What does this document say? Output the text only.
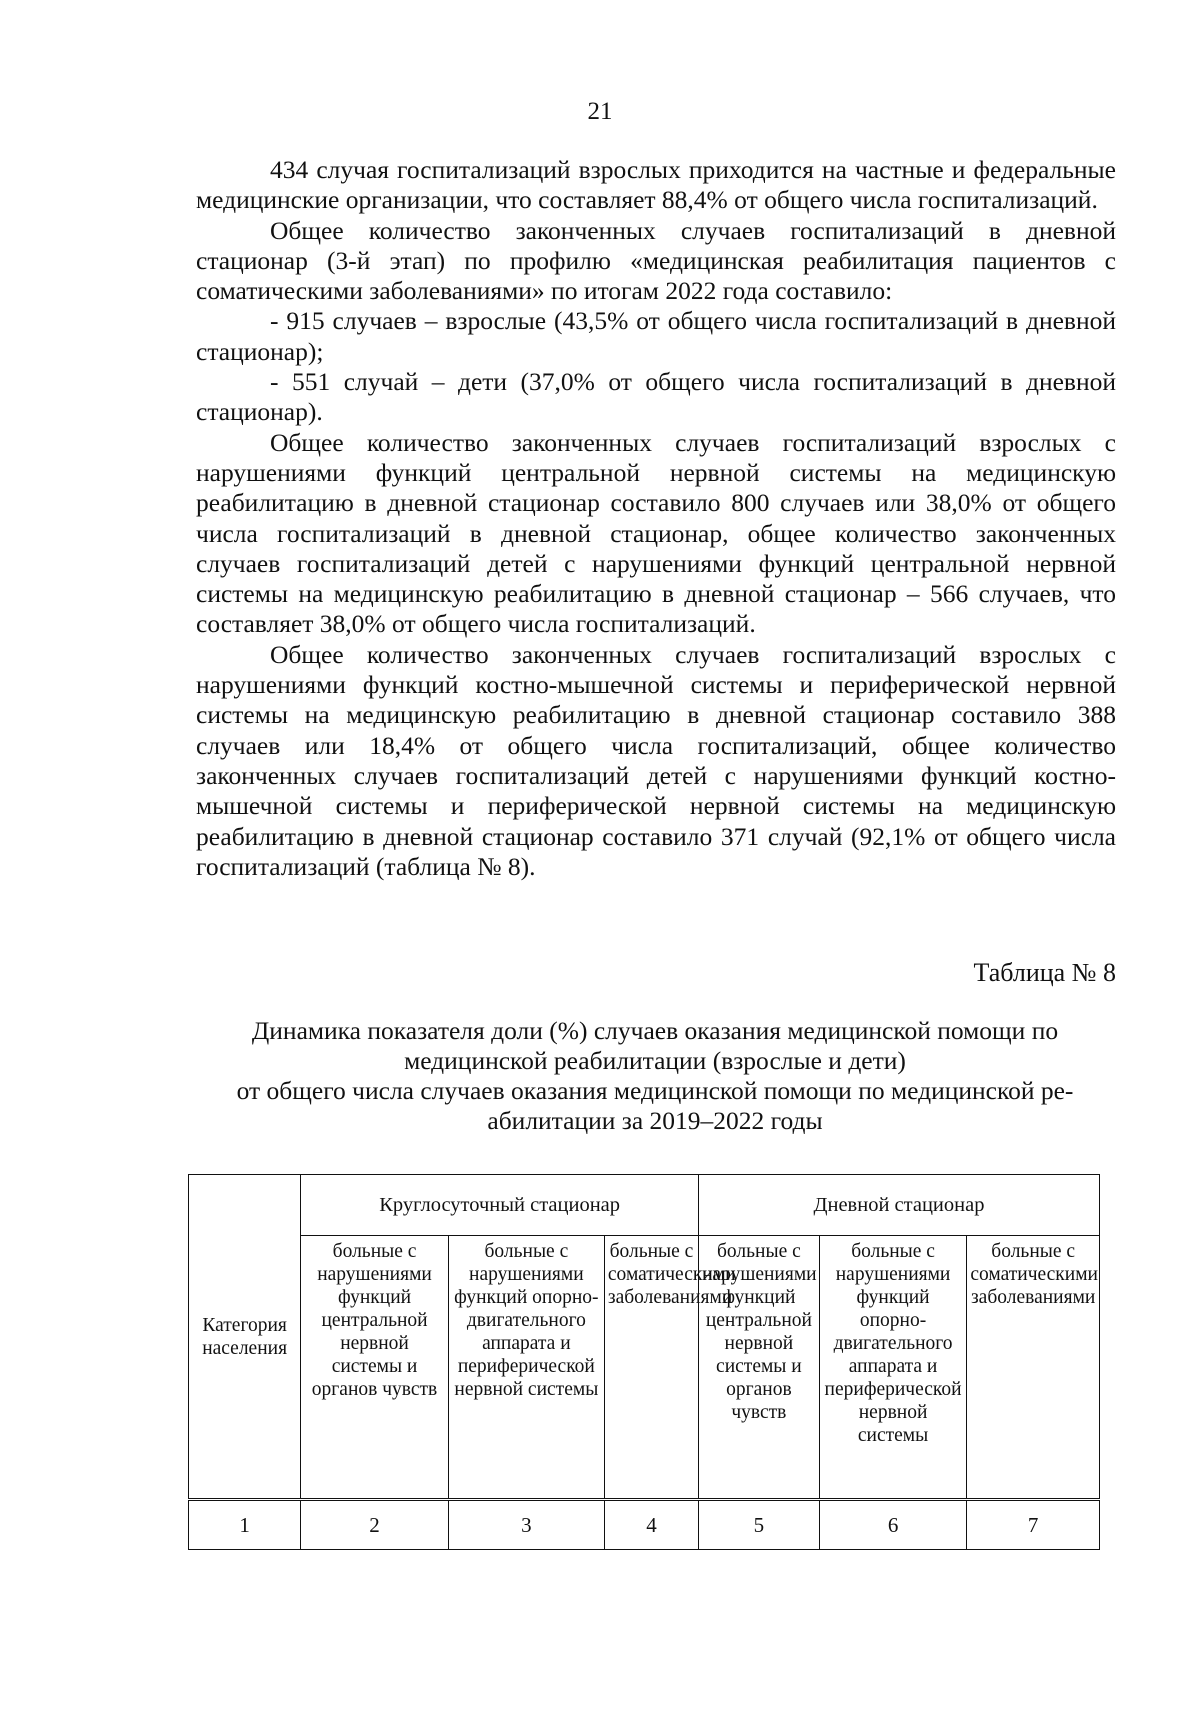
21

434 случая госпитализаций взрослых приходится на частные и федеральные медицинские организации, что составляет 88,4% от общего числа госпитализаций.

Общее количество законченных случаев госпитализаций в дневной стационар (3-й этап) по профилю «медицинская реабилитация пациентов с соматическими заболеваниями» по итогам 2022 года составило:

- 915 случаев – взрослые (43,5% от общего числа госпитализаций в дневной стационар);

- 551 случай – дети (37,0% от общего числа госпитализаций в дневной стационар).

Общее количество законченных случаев госпитализаций взрослых с нарушениями функций центральной нервной системы на медицинскую реабилитацию в дневной стационар составило 800 случаев или 38,0% от общего числа госпитализаций в дневной стационар, общее количество законченных случаев госпитализаций детей с нарушениями функций центральной нервной системы на медицинскую реабилитацию в дневной стационар – 566 случаев, что составляет 38,0% от общего числа госпитализаций.

Общее количество законченных случаев госпитализаций взрослых с нарушениями функций костно-мышечной системы и периферической нервной системы на медицинскую реабилитацию в дневной стационар составило 388 случаев или 18,4% от общего числа госпитализаций, общее количество законченных случаев госпитализаций детей с нарушениями функций костно-мышечной системы и периферической нервной системы на медицинскую реабилитацию в дневной стационар составило 371 случай (92,1% от общего числа госпитализаций (таблица № 8).

Таблица № 8
Динамика показателя доли (%) случаев оказания медицинской помощи по
медицинской реабилитации (взрослые и дети)
от общего числа случаев оказания медицинской помощи по медицинской ре-
абилитации за 2019–2022 годы
Категория населения	Круглосуточный стационар			Дневной стационар		
	больные с нарушениями функций центральной нервной системы и органов чувств	больные с нарушениями функций опорно-двигательного аппарата и периферической нервной системы	больные с соматическими заболеваниями	больные с нарушениями функций центральной нервной системы и органов чувств	больные с нарушениями функций опорно-двигательного аппарата и периферической нервной системы	больные с соматическими заболеваниями
1	2	3	4	5	6	7
